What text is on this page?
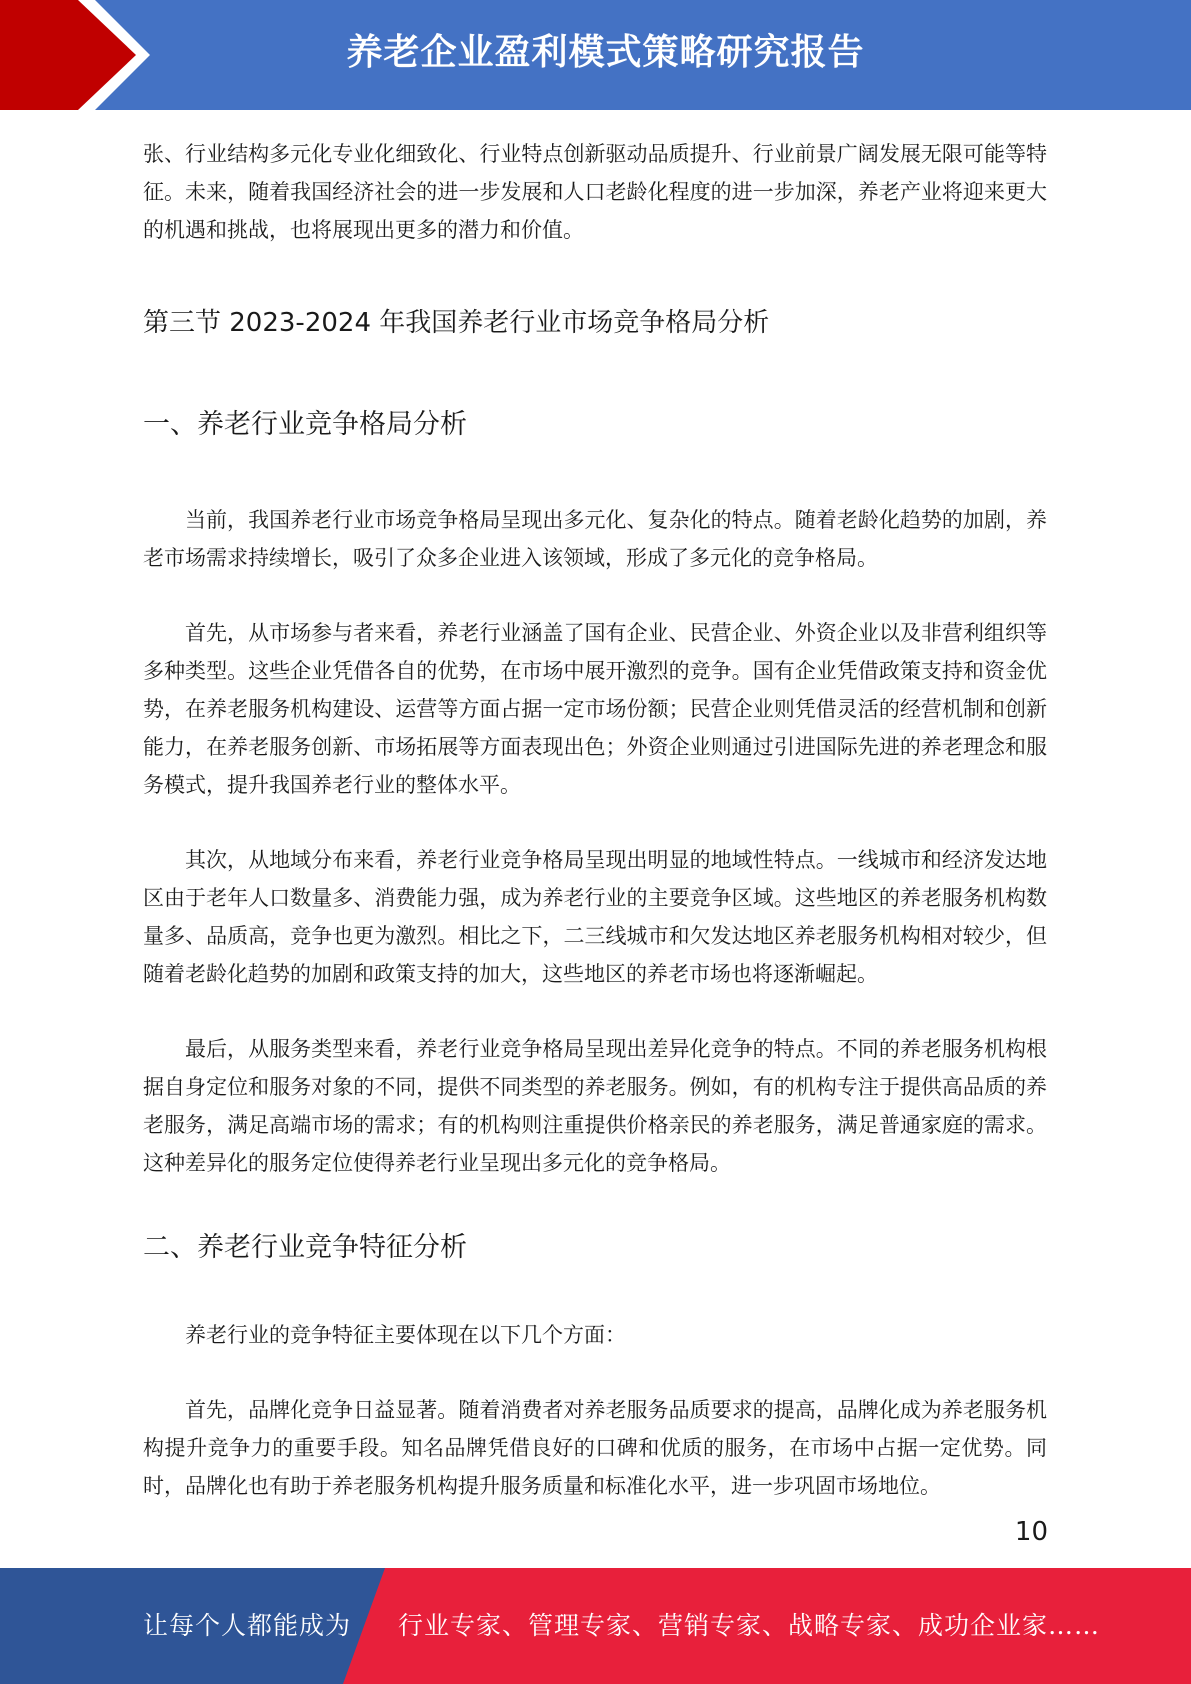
养老企业盈利模式策略研究报告

张、行业结构多元化专业化细致化、行业特点创新驱动品质提升、行业前景广阔发展无限可能等特征。未来，随着我国经济社会的进一步发展和人口老龄化程度的进一步加深，养老产业将迎来更大的机遇和挑战，也将展现出更多的潜力和价值。

第三节 2023-2024 年我国养老行业市场竞争格局分析
一、养老行业竞争格局分析

当前，我国养老行业市场竞争格局呈现出多元化、复杂化的特点。随着老龄化趋势的加剧，养老市场需求持续增长，吸引了众多企业进入该领域，形成了多元化的竞争格局。

首先，从市场参与者来看，养老行业涵盖了国有企业、民营企业、外资企业以及非营利组织等多种类型。这些企业凭借各自的优势，在市场中展开激烈的竞争。国有企业凭借政策支持和资金优势，在养老服务机构建设、运营等方面占据一定市场份额；民营企业则凭借灵活的经营机制和创新能力，在养老服务创新、市场拓展等方面表现出色；外资企业则通过引进国际先进的养老理念和服务模式，提升我国养老行业的整体水平。

其次，从地域分布来看，养老行业竞争格局呈现出明显的地域性特点。一线城市和经济发达地区由于老年人口数量多、消费能力强，成为养老行业的主要竞争区域。这些地区的养老服务机构数量多、品质高，竞争也更为激烈。相比之下，二三线城市和欠发达地区养老服务机构相对较少，但随着老龄化趋势的加剧和政策支持的加大，这些地区的养老市场也将逐渐崛起。

最后，从服务类型来看，养老行业竞争格局呈现出差异化竞争的特点。不同的养老服务机构根据自身定位和服务对象的不同，提供不同类型的养老服务。例如，有的机构专注于提供高品质的养老服务，满足高端市场的需求；有的机构则注重提供价格亲民的养老服务，满足普通家庭的需求。这种差异化的服务定位使得养老行业呈现出多元化的竞争格局。

二、养老行业竞争特征分析

养老行业的竞争特征主要体现在以下几个方面：

首先，品牌化竞争日益显著。随着消费者对养老服务品质要求的提高，品牌化成为养老服务机构提升竞争力的重要手段。知名品牌凭借良好的口碑和优质的服务，在市场中占据一定优势。同时，品牌化也有助于养老服务机构提升服务质量和标准化水平，进一步巩固市场地位。

10
让每个人都能成为 行业专家、管理专家、营销专家、战略专家、成功企业家……
